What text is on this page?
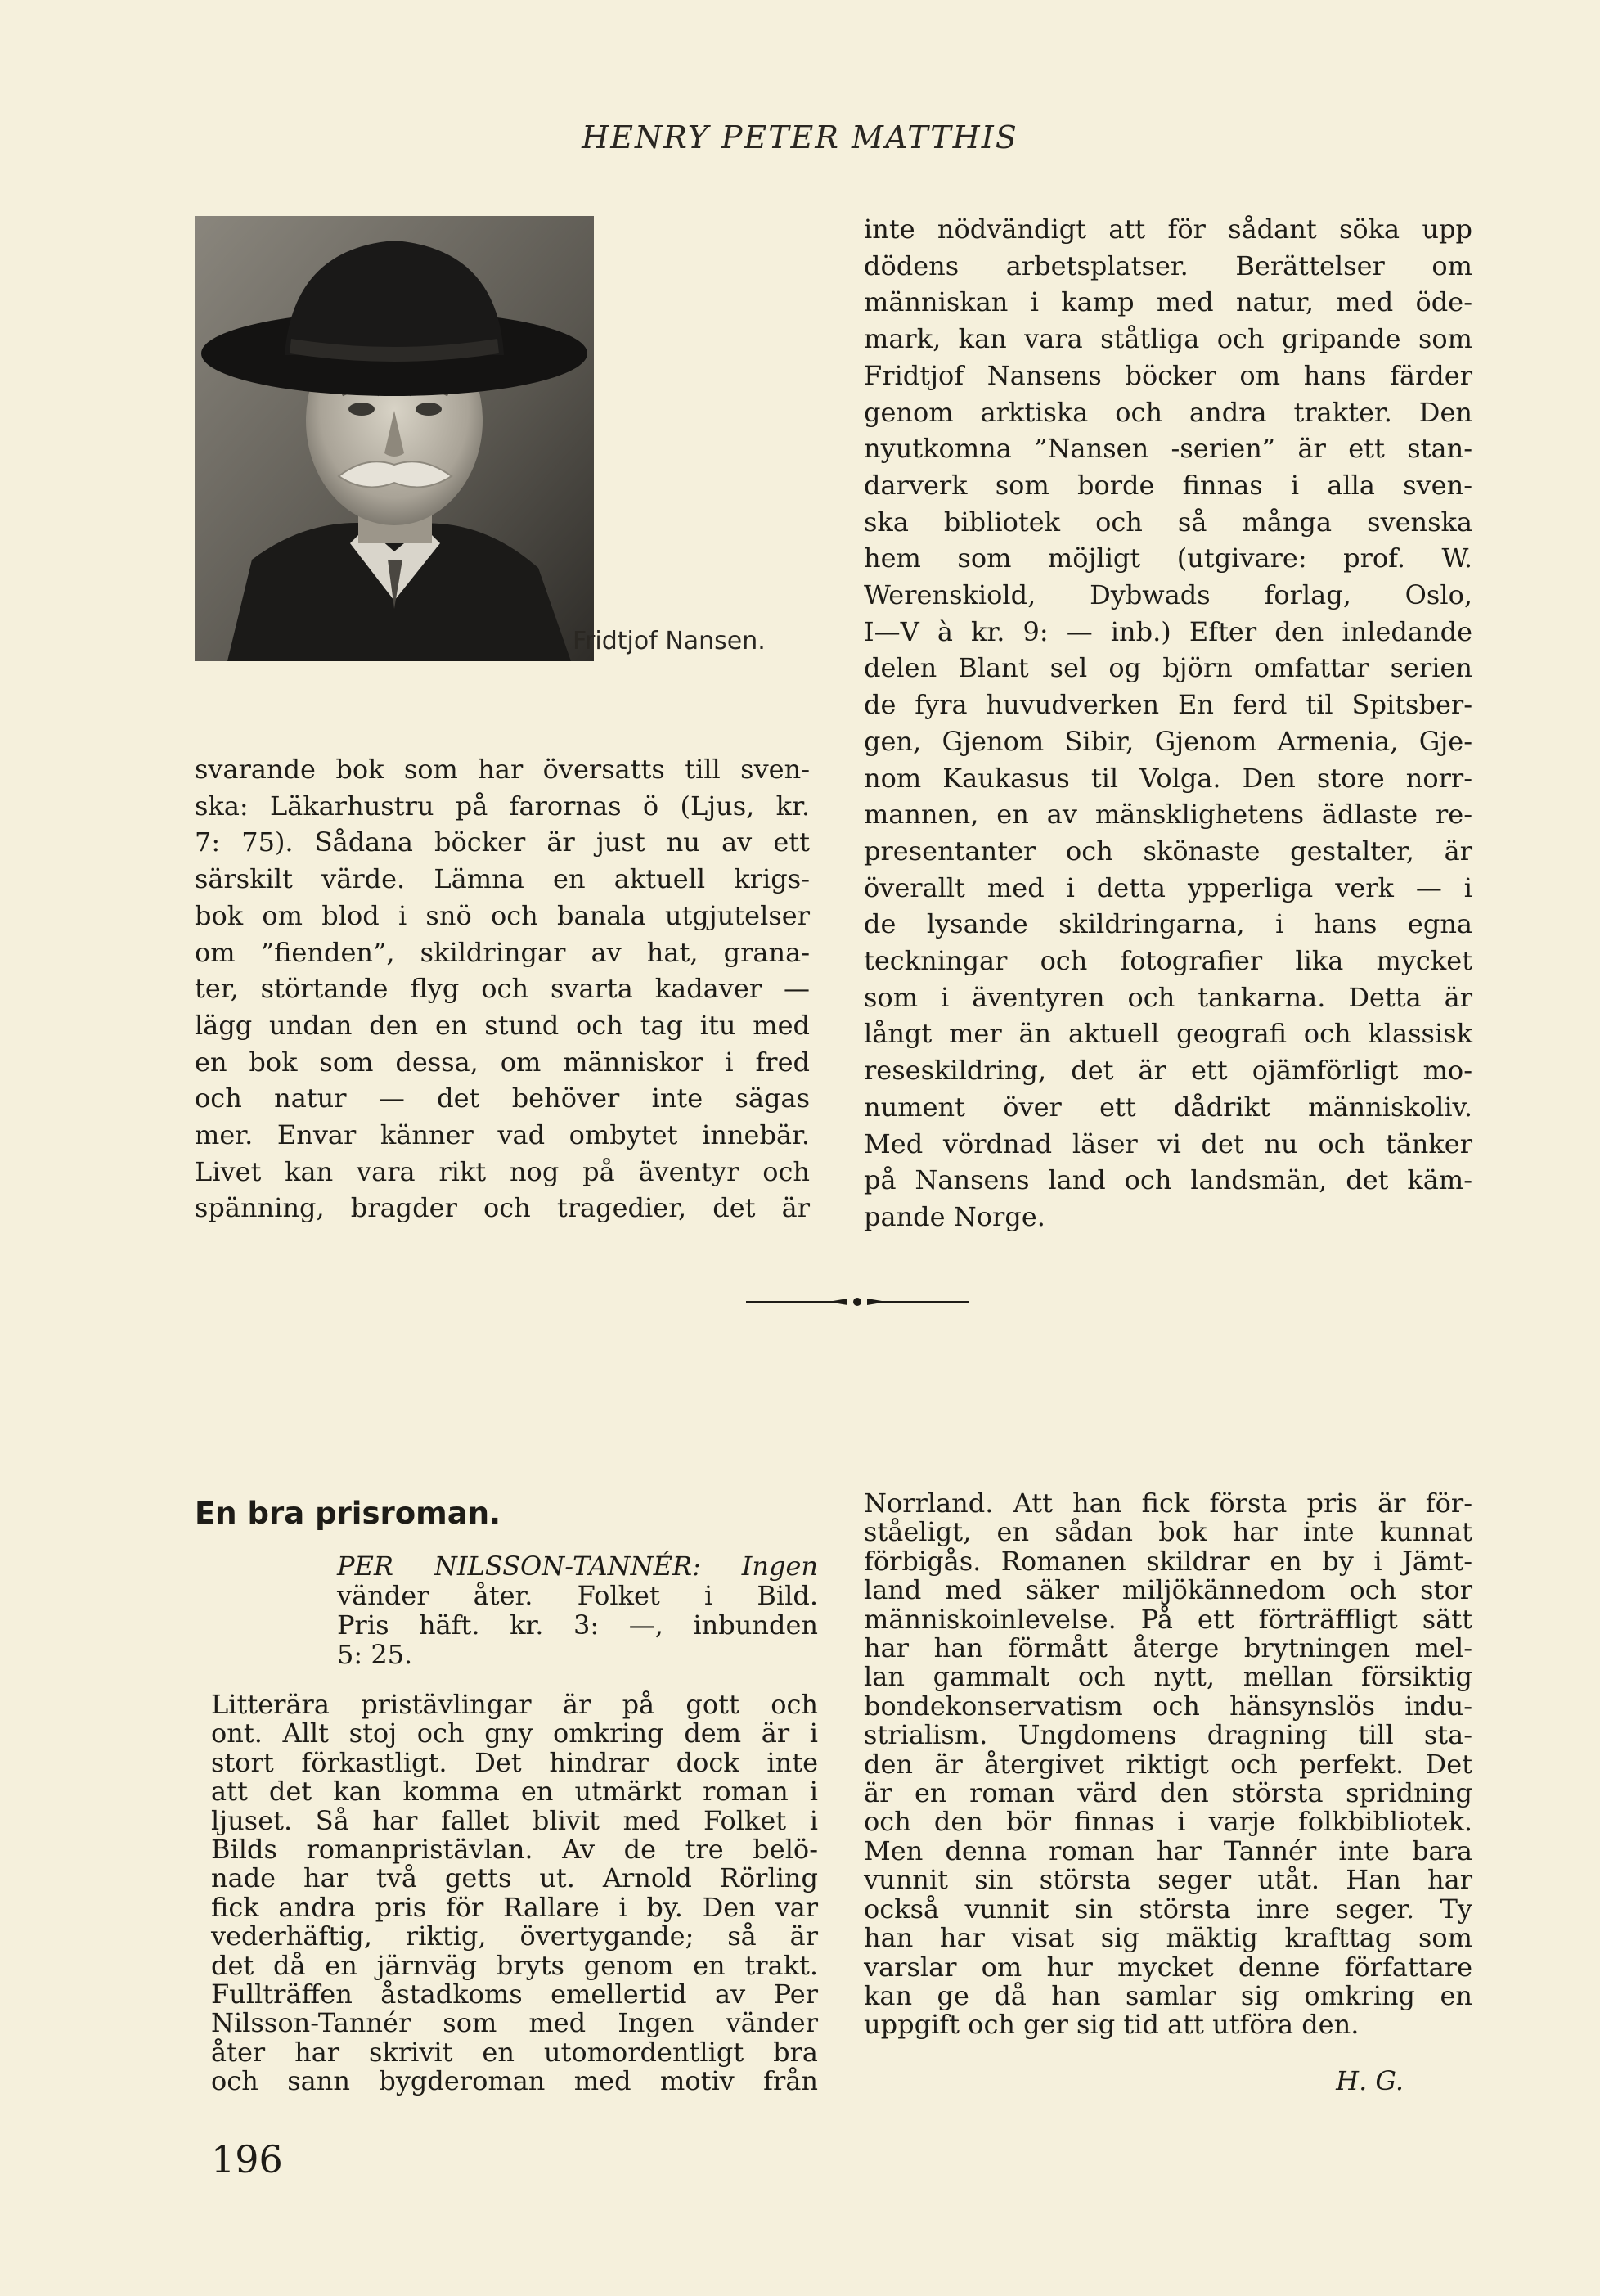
HENRY PETER MATTHIS
Fridtjof Nansen.
inte nödvändigt att för sådant söka upp
dödens arbetsplatser. Berättelser om
människan i kamp med natur, med öde-
mark, kan vara ståtliga och gripande som
Fridtjof Nansens böcker om hans färder
genom arktiska och andra trakter. Den
nyutkomna ”Nansen -serien” är ett stan-
darverk som borde finnas i alla sven-
ska bibliotek och så många svenska
hem som möjligt (utgivare: prof. W.
Werenskiold, Dybwads forlag, Oslo,
I—V à kr. 9: — inb.) Efter den inledande
delen Blant sel og björn omfattar serien
de fyra huvudverken En ferd til Spitsber-
gen, Gjenom Sibir, Gjenom Armenia, Gje-
nom Kaukasus til Volga. Den store norr-
mannen, en av mänsklighetens ädlaste re-
presentanter och skönaste gestalter, är
överallt med i detta ypperliga verk — i
de lysande skildringarna, i hans egna
teckningar och fotografier lika mycket
som i äventyren och tankarna. Detta är
långt mer än aktuell geografi och klassisk
reseskildring, det är ett ojämförligt mo-
nument över ett dådrikt människoliv.
Med vördnad läser vi det nu och tänker
på Nansens land och landsmän, det käm-
pande Norge.
svarande bok som har översatts till sven-
ska: Läkarhustru på farornas ö (Ljus, kr.
7: 75). Sådana böcker är just nu av ett
särskilt värde. Lämna en aktuell krigs-
bok om blod i snö och banala utgjutelser
om ”fienden”, skildringar av hat, grana-
ter, störtande flyg och svarta kadaver —
lägg undan den en stund och tag itu med
en bok som dessa, om människor i fred
och natur — det behöver inte sägas
mer. Envar känner vad ombytet innebär.
Livet kan vara rikt nog på äventyr och
spänning, bragder och tragedier, det är
En bra prisroman.
PER NILSSON-TANNÉR: Ingen
vänder åter. Folket i Bild.
Pris häft. kr. 3: —, inbunden
5: 25.
Litterära pristävlingar är på gott och
ont. Allt stoj och gny omkring dem är i
stort förkastligt. Det hindrar dock inte
att det kan komma en utmärkt roman i
ljuset. Så har fallet blivit med Folket i
Bilds romanpristävlan. Av de tre belö-
nade har två getts ut. Arnold Rörling
fick andra pris för Rallare i by. Den var
vederhäftig, riktig, övertygande; så är
det då en järnväg bryts genom en trakt.
Fullträffen åstadkoms emellertid av Per
Nilsson-Tannér som med Ingen vänder
åter har skrivit en utomordentligt bra
och sann bygderoman med motiv från
Norrland. Att han fick första pris är för-
ståeligt, en sådan bok har inte kunnat
förbigås. Romanen skildrar en by i Jämt-
land med säker miljökännedom och stor
människoinlevelse. På ett förträffligt sätt
har han förmått återge brytningen mel-
lan gammalt och nytt, mellan försiktig
bondekonservatism och hänsynslös indu-
strialism. Ungdomens dragning till sta-
den är återgivet riktigt och perfekt. Det
är en roman värd den största spridning
och den bör finnas i varje folkbibliotek.
Men denna roman har Tannér inte bara
vunnit sin största seger utåt. Han har
också vunnit sin största inre seger. Ty
han har visat sig mäktig krafttag som
varslar om hur mycket denne författare
kan ge då han samlar sig omkring en
uppgift och ger sig tid att utföra den.
H. G.
196
